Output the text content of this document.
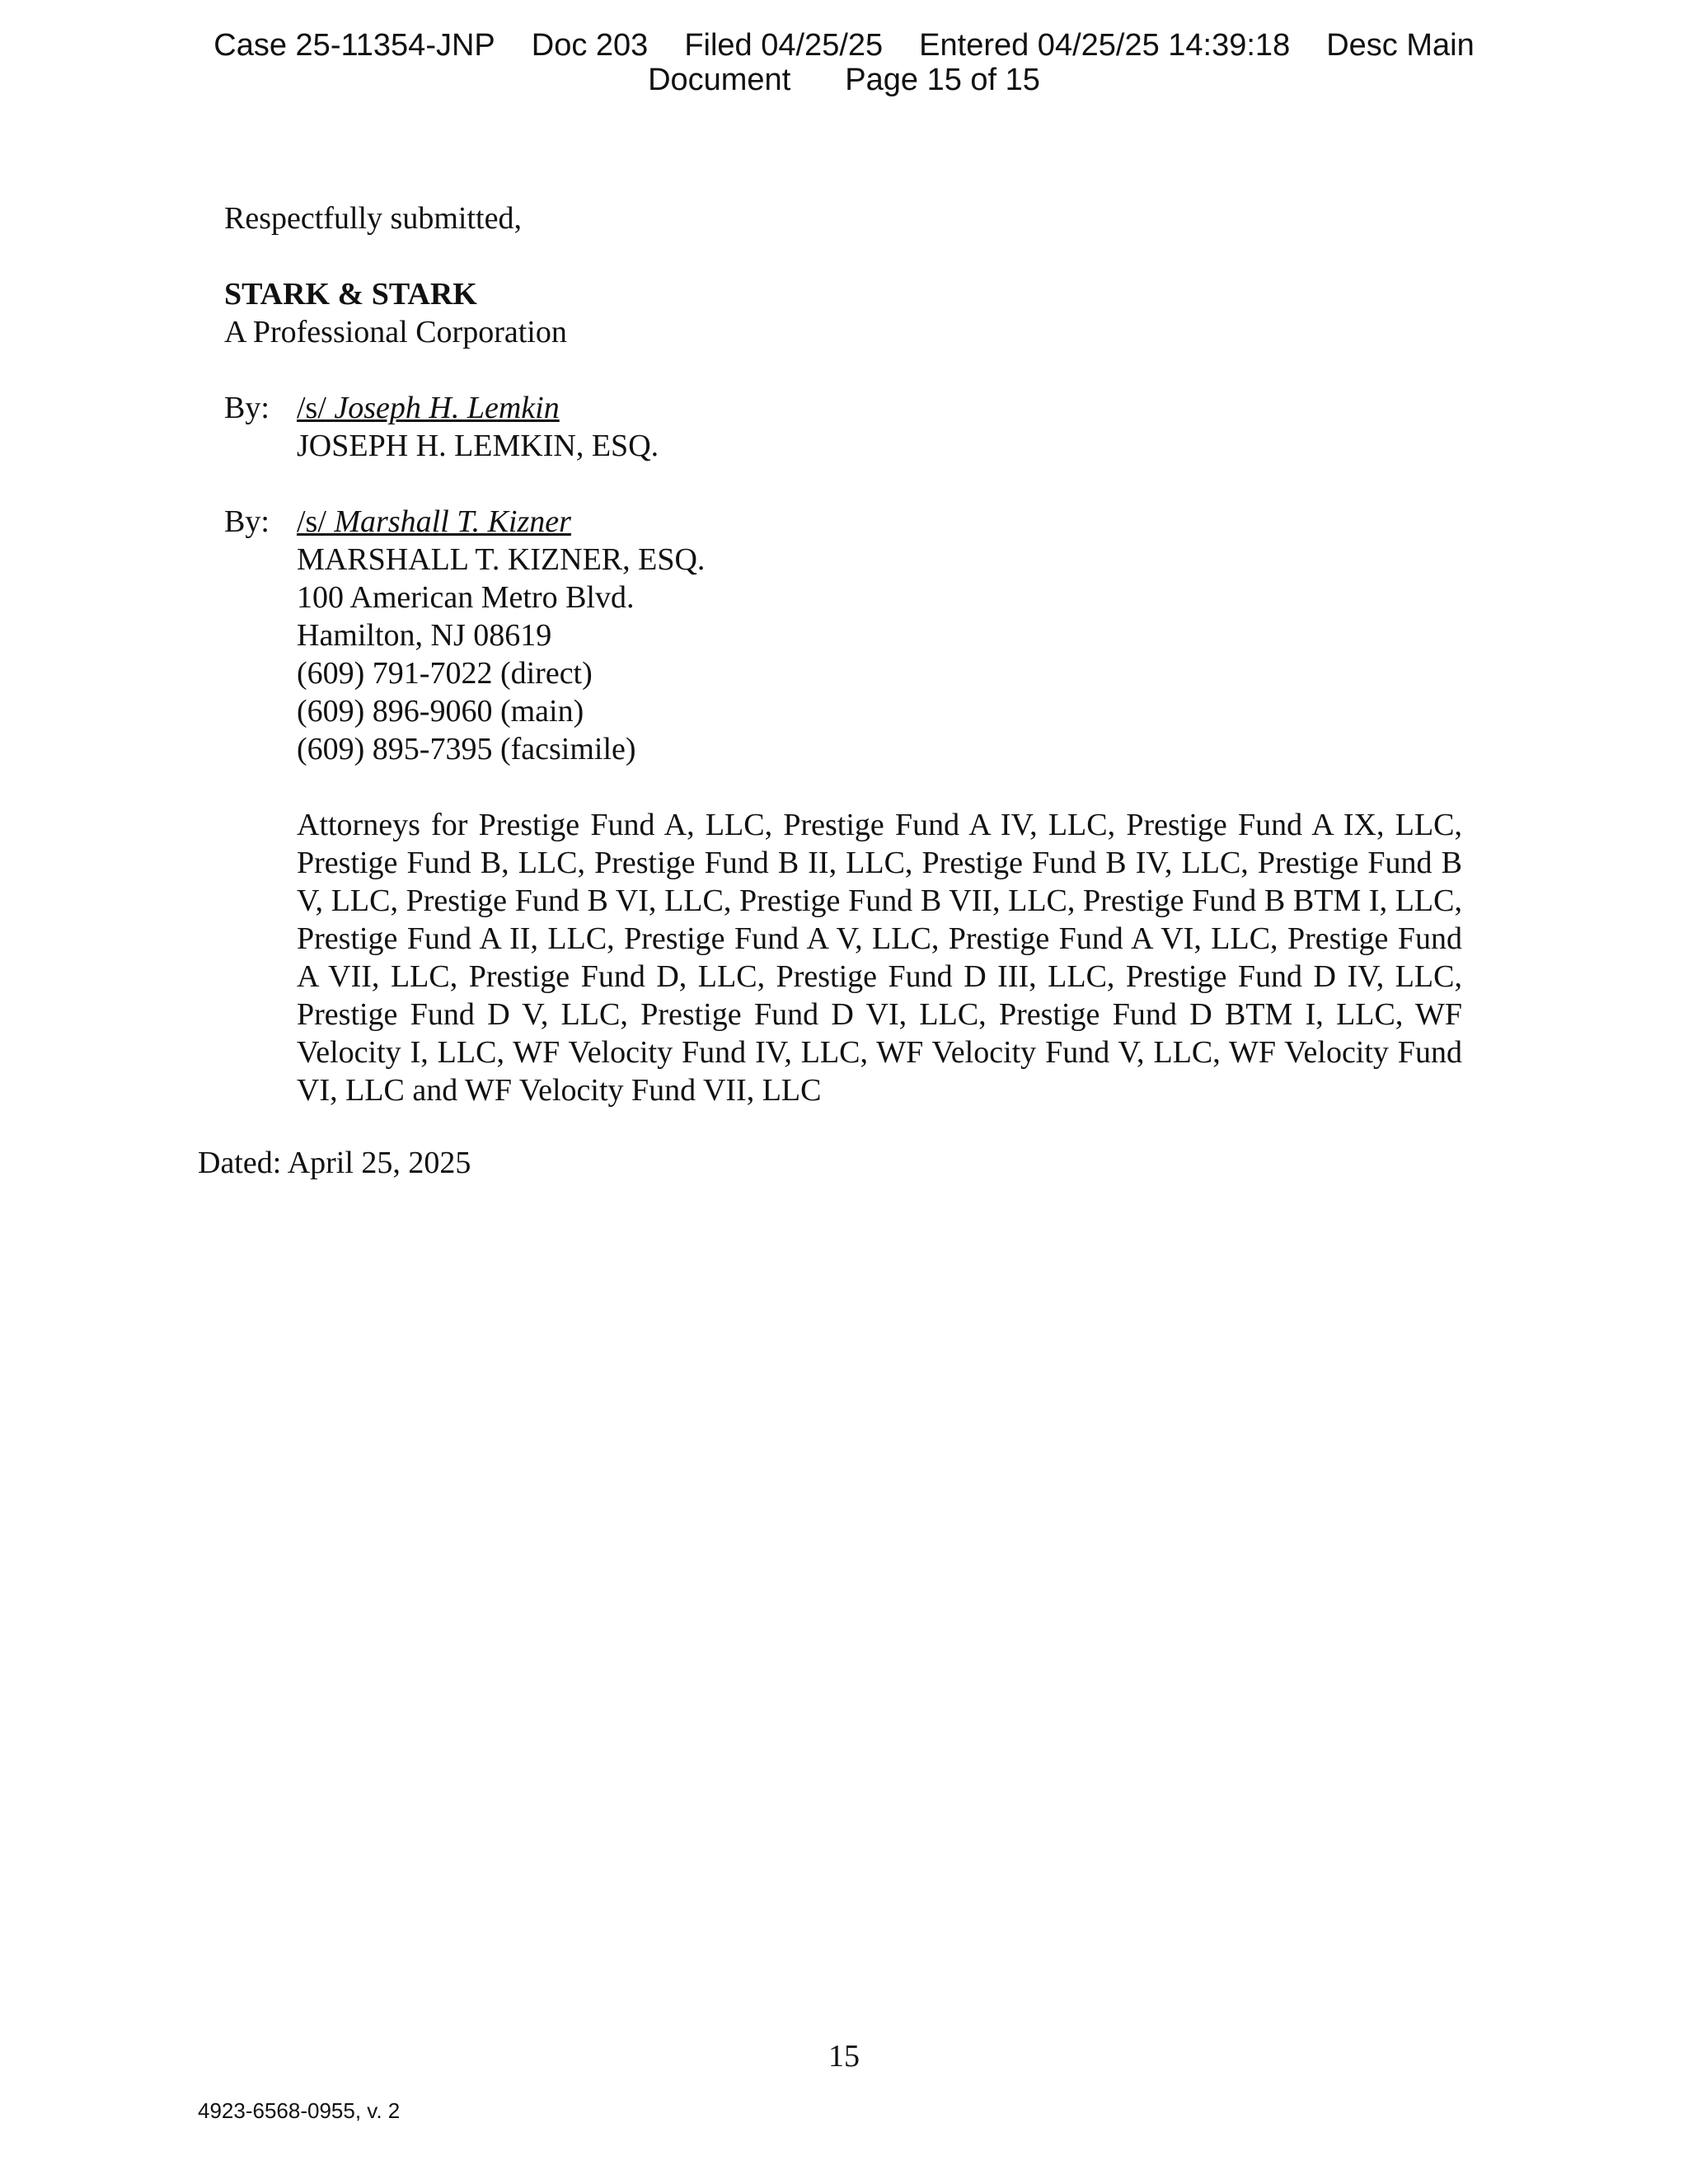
Case 25-11354-JNP Doc 203 Filed 04/25/25 Entered 04/25/25 14:39:18 Desc Main
Document Page 15 of 15
Respectfully submitted,
STARK & STARK
A Professional Corporation
By: /s/ Joseph H. Lemkin
JOSEPH H. LEMKIN, ESQ.
By: /s/ Marshall T. Kizner
MARSHALL T. KIZNER, ESQ.
100 American Metro Blvd.
Hamilton, NJ 08619
(609) 791-7022 (direct)
(609) 896-9060 (main)
(609) 895-7395 (facsimile)
Attorneys for Prestige Fund A, LLC, Prestige Fund A IV, LLC, Prestige Fund A IX, LLC, Prestige Fund B, LLC, Prestige Fund B II, LLC, Prestige Fund B IV, LLC, Prestige Fund B V, LLC, Prestige Fund B VI, LLC, Prestige Fund B VII, LLC, Prestige Fund B BTM I, LLC, Prestige Fund A II, LLC, Prestige Fund A V, LLC, Prestige Fund A VI, LLC, Prestige Fund A VII, LLC, Prestige Fund D, LLC, Prestige Fund D III, LLC, Prestige Fund D IV, LLC, Prestige Fund D V, LLC, Prestige Fund D VI, LLC, Prestige Fund D BTM I, LLC, WF Velocity I, LLC, WF Velocity Fund IV, LLC, WF Velocity Fund V, LLC, WF Velocity Fund VI, LLC and WF Velocity Fund VII, LLC
Dated: April 25, 2025
15
4923-6568-0955, v. 2
